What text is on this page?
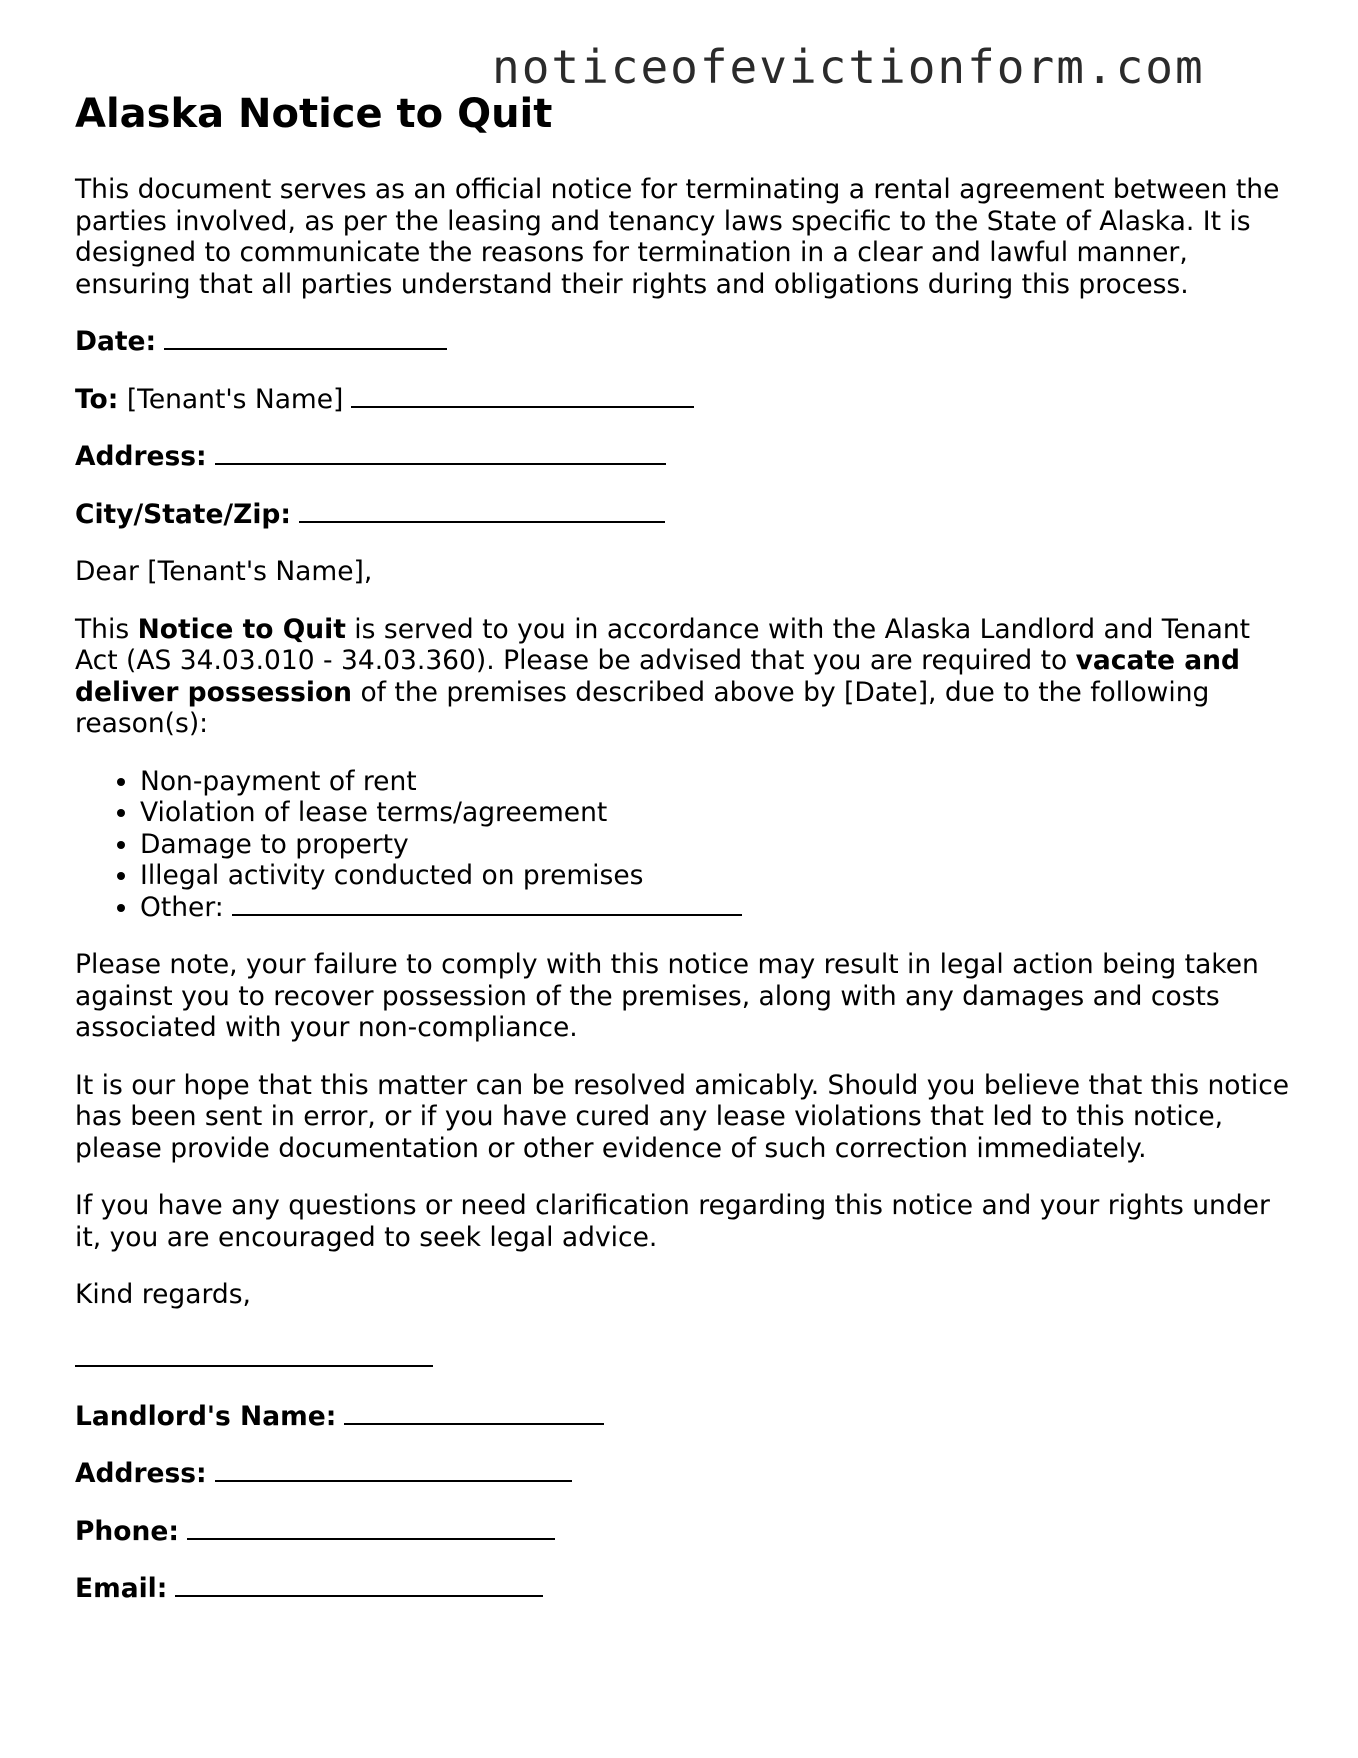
noticeofevictionform.com
Alaska Notice to Quit

This document serves as an official notice for terminating a rental agreement between the parties involved, as per the leasing and tenancy laws specific to the State of Alaska. It is designed to communicate the reasons for termination in a clear and lawful manner, ensuring that all parties understand their rights and obligations during this process.

Date:
To: [Tenant's Name]
Address:
City/State/Zip:

Dear [Tenant's Name],

This Notice to Quit is served to you in accordance with the Alaska Landlord and Tenant Act (AS 34.03.010 - 34.03.360). Please be advised that you are required to vacate and deliver possession of the premises described above by [Date], due to the following reason(s):

• Non-payment of rent
• Violation of lease terms/agreement
• Damage to property
• Illegal activity conducted on premises
• Other:

Please note, your failure to comply with this notice may result in legal action being taken against you to recover possession of the premises, along with any damages and costs associated with your non-compliance.

It is our hope that this matter can be resolved amicably. Should you believe that this notice has been sent in error, or if you have cured any lease violations that led to this notice, please provide documentation or other evidence of such correction immediately.

If you have any questions or need clarification regarding this notice and your rights under it, you are encouraged to seek legal advice.

Kind regards,

Landlord's Name:
Address:
Phone:
Email:
